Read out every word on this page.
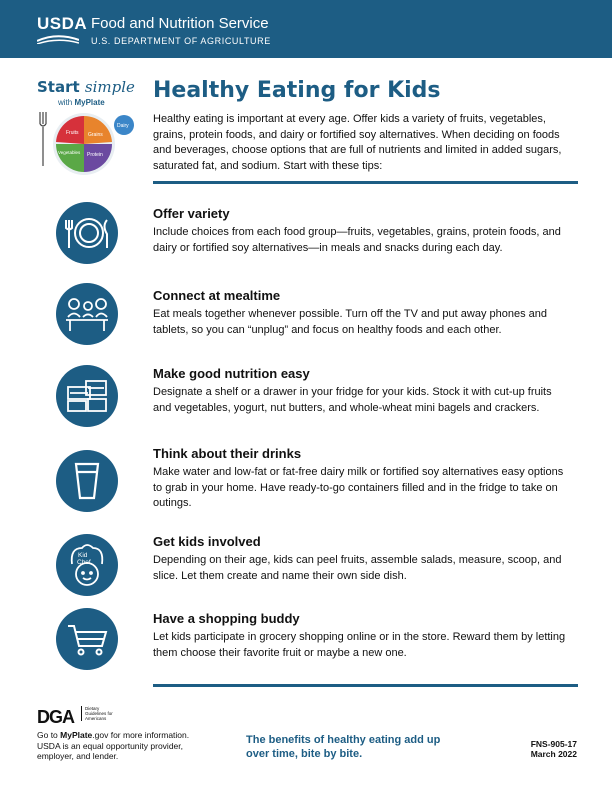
USDA Food and Nutrition Service
U.S. DEPARTMENT OF AGRICULTURE
Start simple
with MyPlate
Fruits Grains
Vegetables Protein
Dairy
Healthy Eating for Kids
Healthy eating is important at every age. Offer kids a variety of fruits, vegetables, grains, protein foods, and dairy or fortified soy alternatives. When deciding on foods and beverages, choose options that are full of nutrients and limited in added sugars, saturated fat, and sodium. Start with these tips:
Offer variety
Include choices from each food group—fruits, vegetables, grains, protein foods, and dairy or fortified soy alternatives—in meals and snacks during each day.
Connect at mealtime
Eat meals together whenever possible. Turn off the TV and put away phones and tablets, so you can “unplug” and focus on healthy foods and each other.
Make good nutrition easy
Designate a shelf or a drawer in your fridge for your kids. Stock it with cut-up fruits and vegetables, yogurt, nut butters, and whole-wheat mini bagels and crackers.
Think about their drinks
Make water and low-fat or fat-free dairy milk or fortified soy alternatives easy options to grab in your home. Have ready-to-go containers filled and in the fridge to take on outings.
Kid
Chef
Get kids involved
Depending on their age, kids can peel fruits, assemble salads, measure, scoop, and slice. Let them create and name their own side dish.
Have a shopping buddy
Let kids participate in grocery shopping online or in the store. Reward them by letting them choose their favorite fruit or maybe a new one.
DGA	Dietary Guidelines for Americans
Go to MyPlate.gov for more information.
USDA is an equal opportunity provider, employer, and lender.
The benefits of healthy eating add up over time, bite by bite.
FNS-905-17
March 2022
